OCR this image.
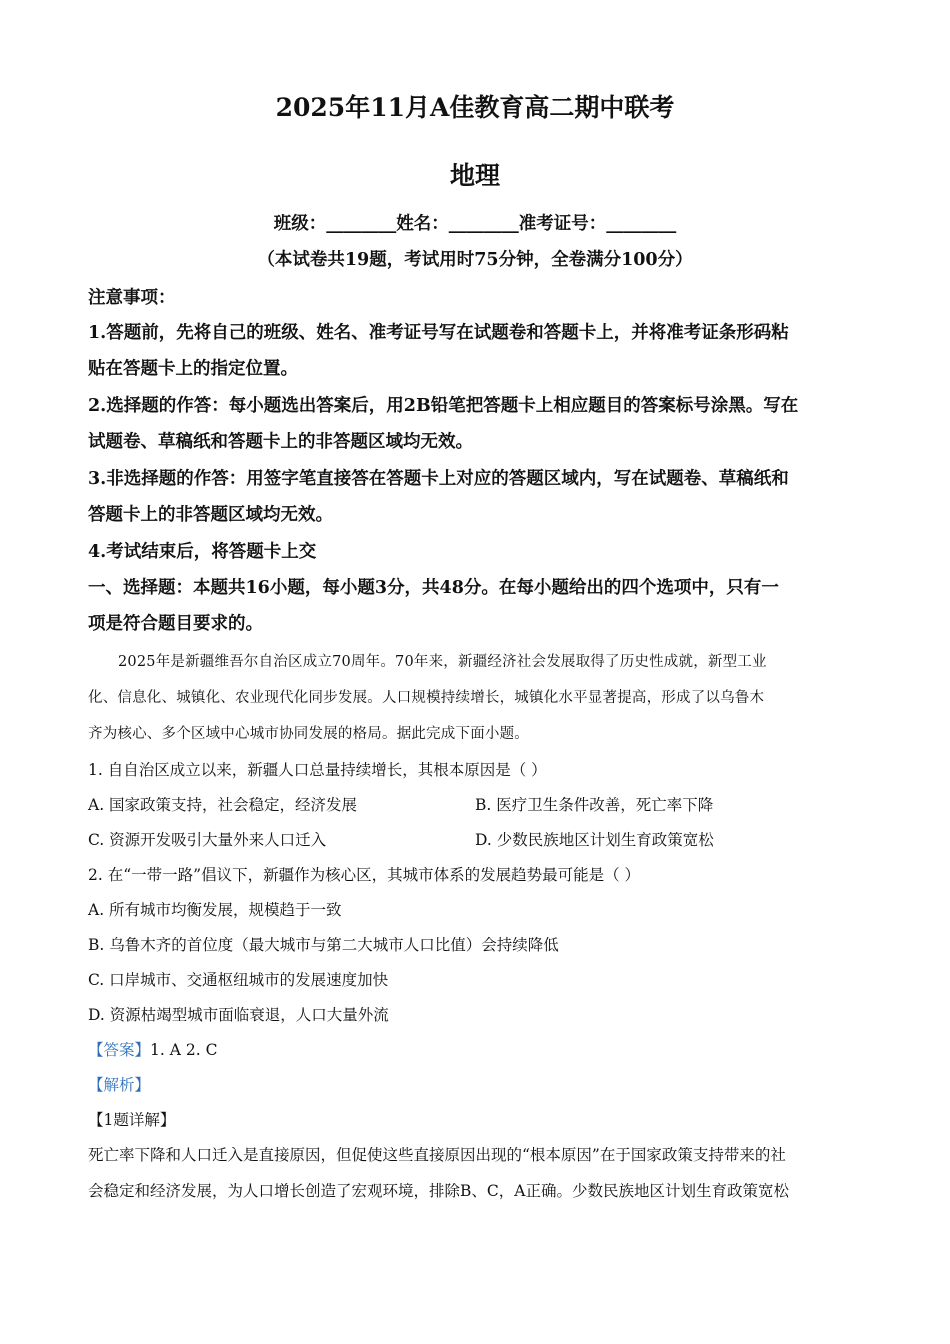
2025年11月A佳教育高二期中联考
地理
班级：________姓名：________准考证号：________
（本试卷共19题，考试用时75分钟，全卷满分100分）
注意事项：
1.答题前，先将自己的班级、姓名、准考证号写在试题卷和答题卡上，并将准考证条形码粘
贴在答题卡上的指定位置。
2.选择题的作答：每小题选出答案后，用2B铅笔把答题卡上相应题目的答案标号涂黑。写在
试题卷、草稿纸和答题卡上的非答题区域均无效。
3.非选择题的作答：用签字笔直接答在答题卡上对应的答题区域内，写在试题卷、草稿纸和
答题卡上的非答题区域均无效。
4.考试结束后，将答题卡上交
一、选择题：本题共16小题，每小题3分，共48分。在每小题给出的四个选项中，只有一
项是符合题目要求的。
2025年是新疆维吾尔自治区成立70周年。70年来，新疆经济社会发展取得了历史性成就，新型工业
化、信息化、城镇化、农业现代化同步发展。人口规模持续增长，城镇化水平显著提高，形成了以乌鲁木
齐为核心、多个区域中心城市协同发展的格局。据此完成下面小题。
1. 自自治区成立以来，新疆人口总量持续增长，其根本原因是（ ）
A. 国家政策支持，社会稳定，经济发展	B. 医疗卫生条件改善，死亡率下降
C. 资源开发吸引大量外来人口迁入	D. 少数民族地区计划生育政策宽松
2. 在“一带一路”倡议下，新疆作为核心区，其城市体系的发展趋势最可能是（ ）
A. 所有城市均衡发展，规模趋于一致
B. 乌鲁木齐的首位度（最大城市与第二大城市人口比值）会持续降低
C. 口岸城市、交通枢纽城市的发展速度加快
D. 资源枯竭型城市面临衰退，人口大量外流
【答案】1. A 2. C
【解析】
【1题详解】
死亡率下降和人口迁入是直接原因，但促使这些直接原因出现的“根本原因”在于国家政策支持带来的社
会稳定和经济发展，为人口增长创造了宏观环境，排除B、C，A正确。少数民族地区计划生育政策宽松
